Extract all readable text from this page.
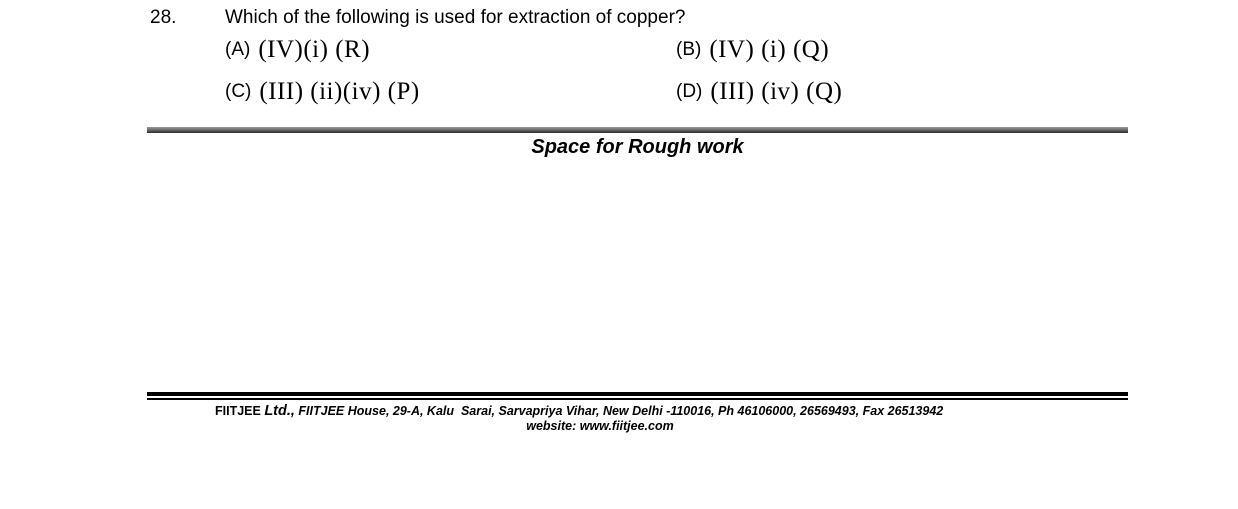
28.	Which of the following is used for extraction of copper?
(A) (IV)(i) (R)	(B) (IV) (i) (Q)
(C) (III) (ii)(iv) (P)	(D) (III) (iv) (Q)
Space for Rough work
FIITJEE Ltd., FIITJEE House, 29-A, Kalu  Sarai, Sarvapriya Vihar, New Delhi -110016, Ph 46106000, 26569493, Fax 26513942
website: www.fiitjee.com
